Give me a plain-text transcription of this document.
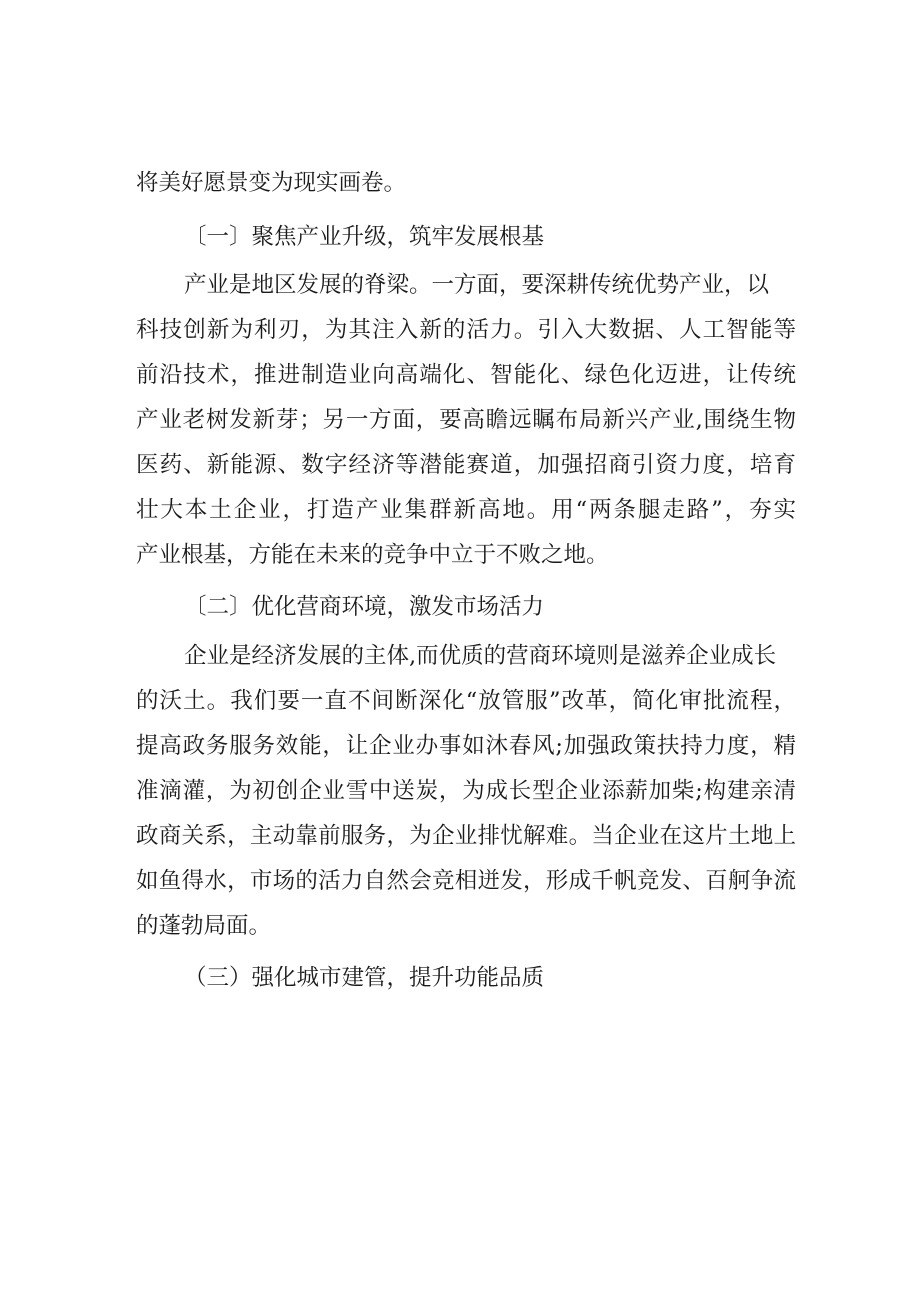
将美好愿景变为现实画卷。
〔一〕聚焦产业升级，筑牢发展根基
产业是地区发展的脊梁。一方面，要深耕传统优势产业，以
科技创新为利刃，为其注入新的活力。引入大数据、人工智能等
前沿技术，推进制造业向高端化、智能化、绿色化迈进，让传统
产业老树发新芽；另一方面，要高瞻远瞩布局新兴产业,围绕生物
医药、新能源、数字经济等潜能赛道，加强招商引资力度，培育
壮大本土企业，打造产业集群新高地。用“两条腿走路”，夯实
产业根基，方能在未来的竞争中立于不败之地。
〔二〕优化营商环境，激发市场活力
企业是经济发展的主体,而优质的营商环境则是滋养企业成长
的沃土。我们要一直不间断深化“放管服”改革，简化审批流程，
提高政务服务效能，让企业办事如沐春风;加强政策扶持力度，精
准滴灌，为初创企业雪中送炭，为成长型企业添薪加柴;构建亲清
政商关系，主动靠前服务，为企业排忧解难。当企业在这片土地上
如鱼得水，市场的活力自然会竞相迸发，形成千帆竞发、百舸争流
的蓬勃局面。
（三）强化城市建管，提升功能品质
